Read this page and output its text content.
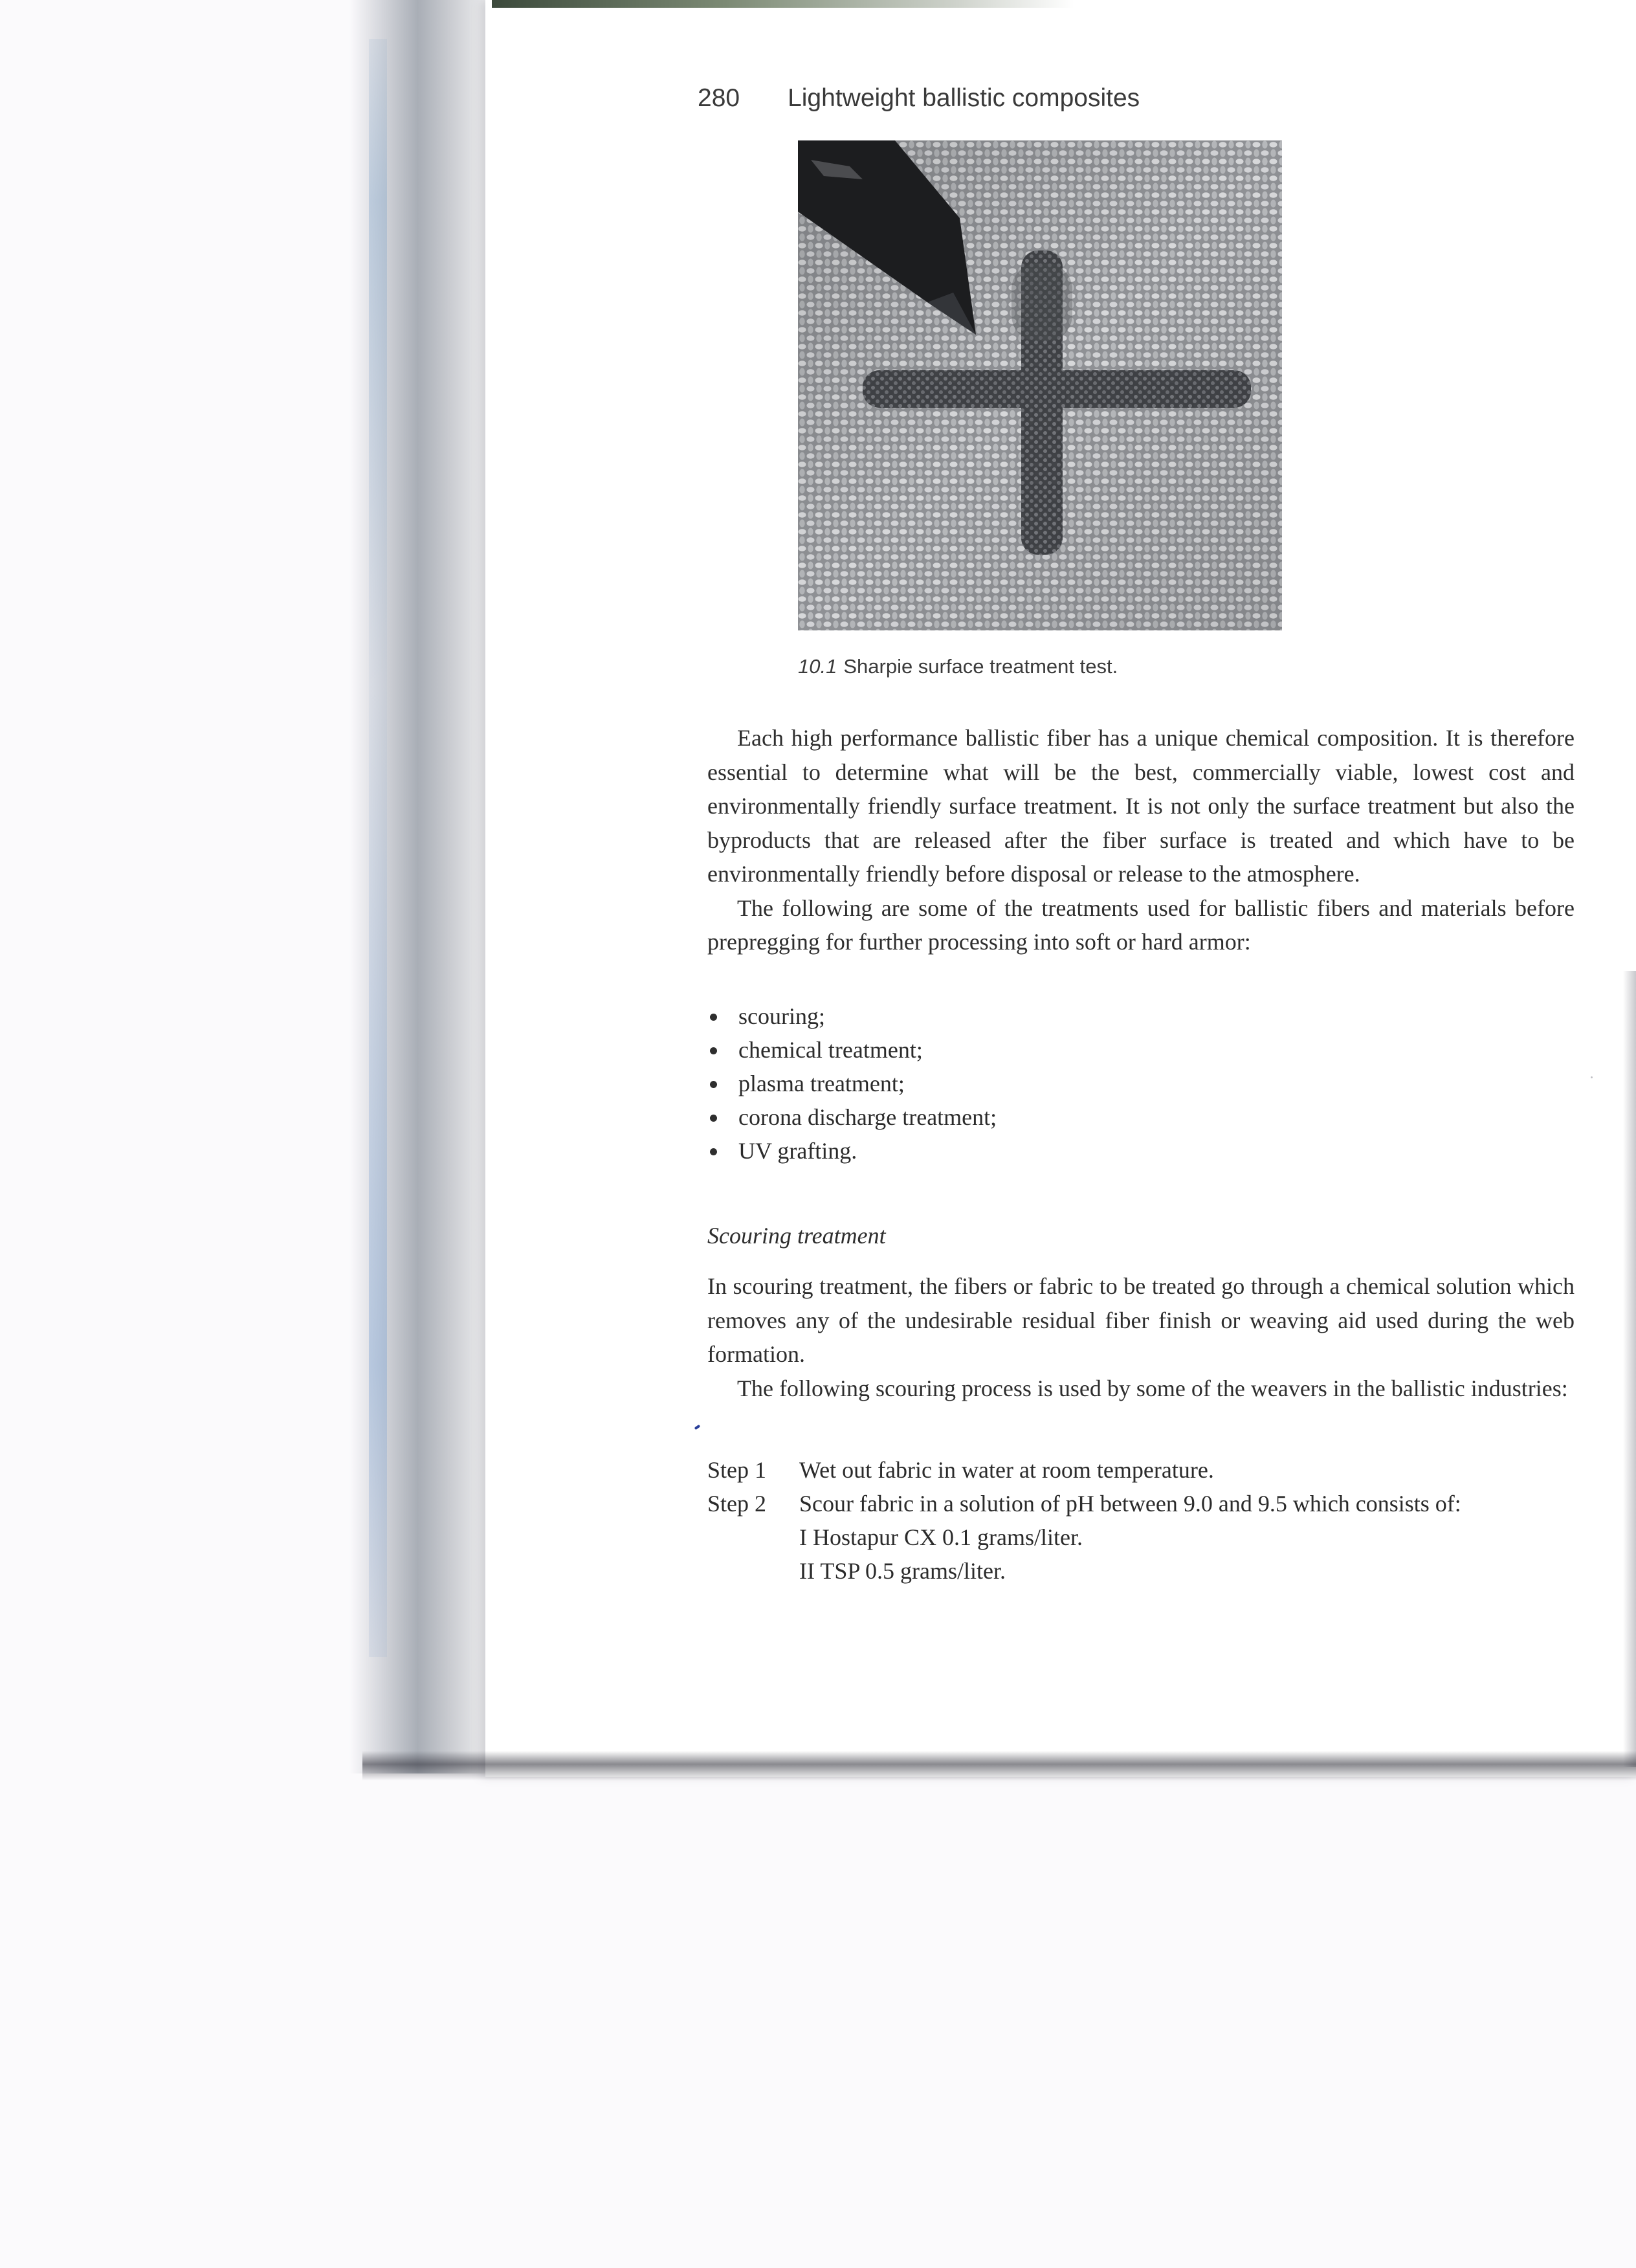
280 Lightweight ballistic composites
10.1 Sharpie surface treatment test.

Each high performance ballistic fiber has a unique chemical composition. It is therefore essential to determine what will be the best, commercially viable, lowest cost and environmentally friendly surface treatment. It is not only the surface treatment but also the byproducts that are released after the fiber surface is treated and which have to be environmentally friendly before disposal or release to the atmosphere.

The following are some of the treatments used for ballistic fibers and materials before prepregging for further processing into soft or hard armor:

scouring;
chemical treatment;
plasma treatment;
corona discharge treatment;
UV grafting.
Scouring treatment

In scouring treatment, the fibers or fabric to be treated go through a chemical solution which removes any of the undesirable residual fiber finish or weaving aid used during the web formation.

The following scouring process is used by some of the weavers in the ballistic industries:

Step 1	Wet out fabric in water at room temperature.
Step 2	Scour fabric in a solution of pH between 9.0 and 9.5 which consists of:
I Hostapur CX 0.1 grams/liter.
II TSP 0.5 grams/liter.
